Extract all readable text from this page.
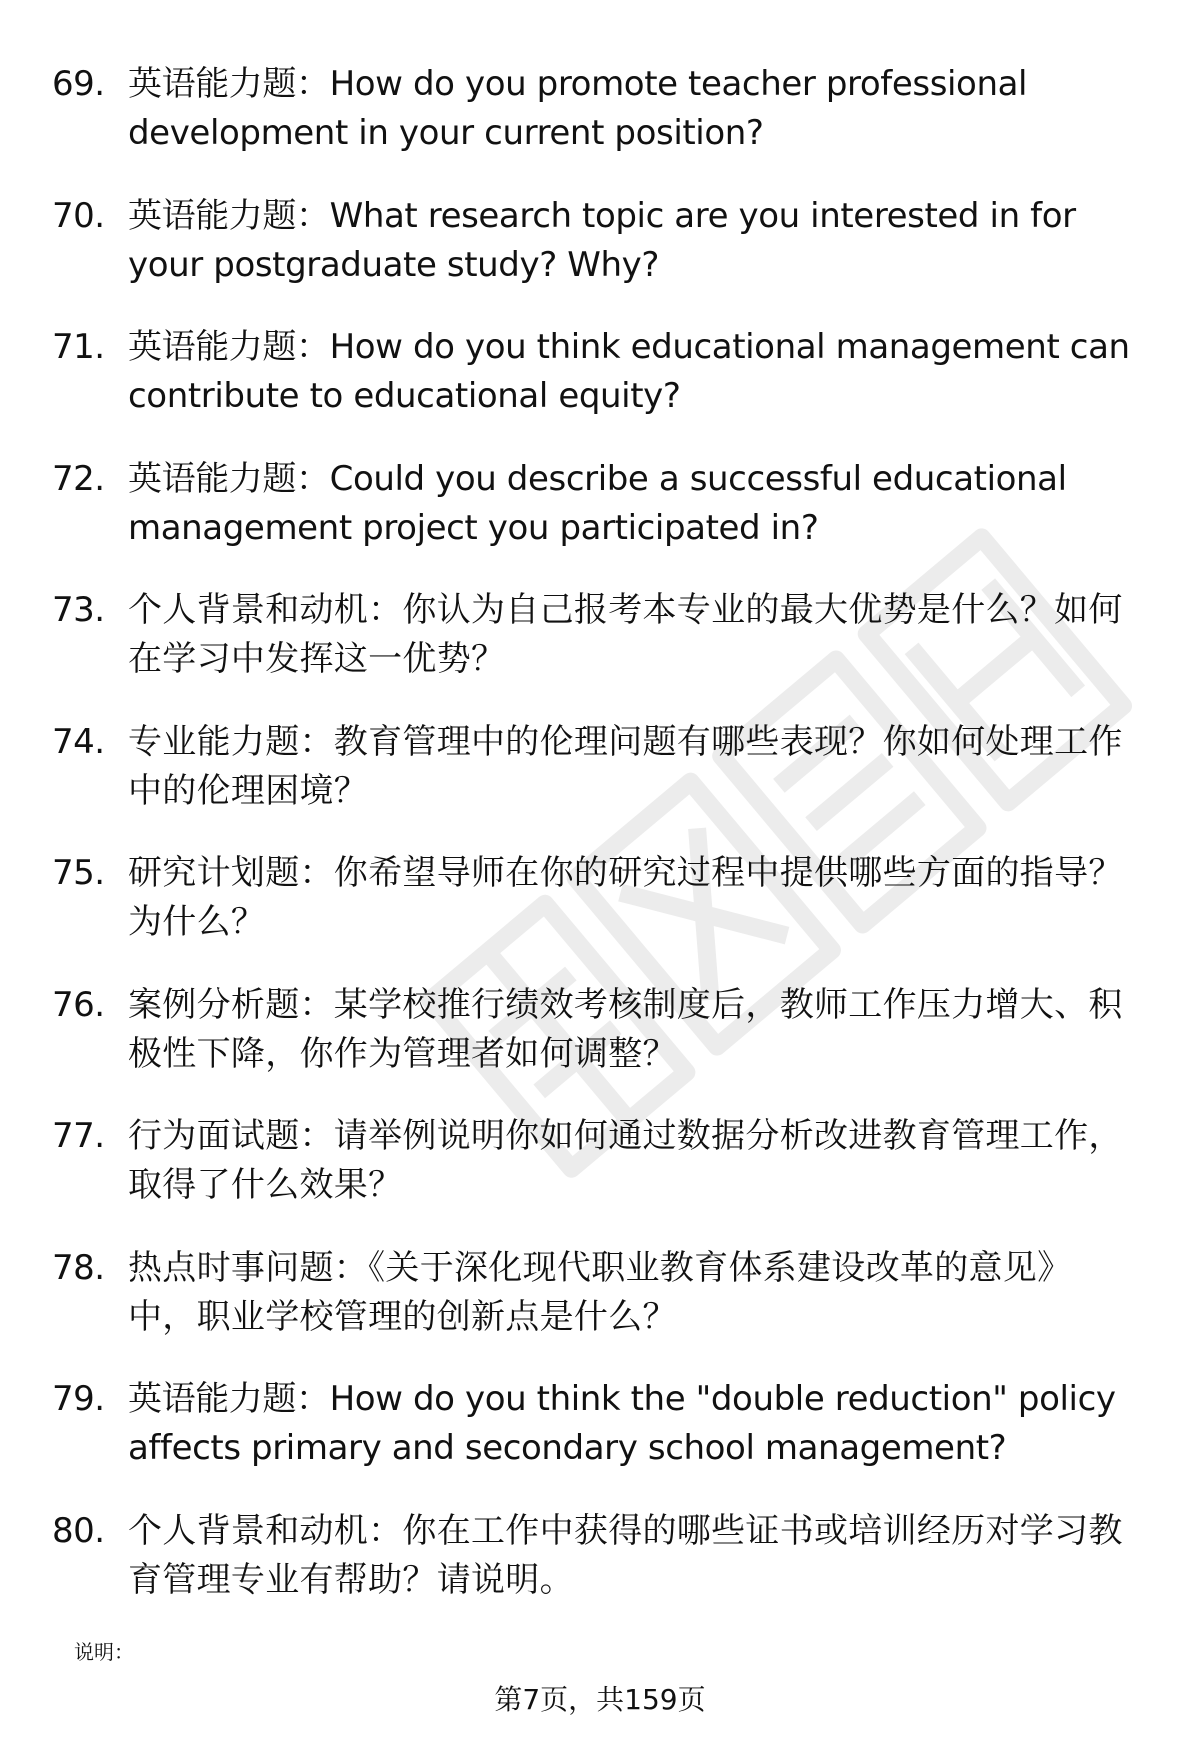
69. 英语能力题：How do you promote teacher professional development in your current position?
70. 英语能力题：What research topic are you interested in for your postgraduate study? Why?
71. 英语能力题：How do you think educational management can contribute to educational equity?
72. 英语能力题：Could you describe a successful educational management project you participated in?
73. 个人背景和动机：你认为自己报考本专业的最大优势是什么？如何在学习中发挥这一优势？
74. 专业能力题：教育管理中的伦理问题有哪些表现？你如何处理工作中的伦理困境？
75. 研究计划题：你希望导师在你的研究过程中提供哪些方面的指导？为什么？
76. 案例分析题：某学校推行绩效考核制度后，教师工作压力增大、积极性下降，你作为管理者如何调整？
77. 行为面试题：请举例说明你如何通过数据分析改进教育管理工作，取得了什么效果？
78. 热点时事问题：《关于深化现代职业教育体系建设改革的意见》中，职业学校管理的创新点是什么？
79. 英语能力题：How do you think the "double reduction" policy affects primary and secondary school management?
80. 个人背景和动机：你在工作中获得的哪些证书或培训经历对学习教育管理专业有帮助？请说明。
说明：
第7页，共159页
